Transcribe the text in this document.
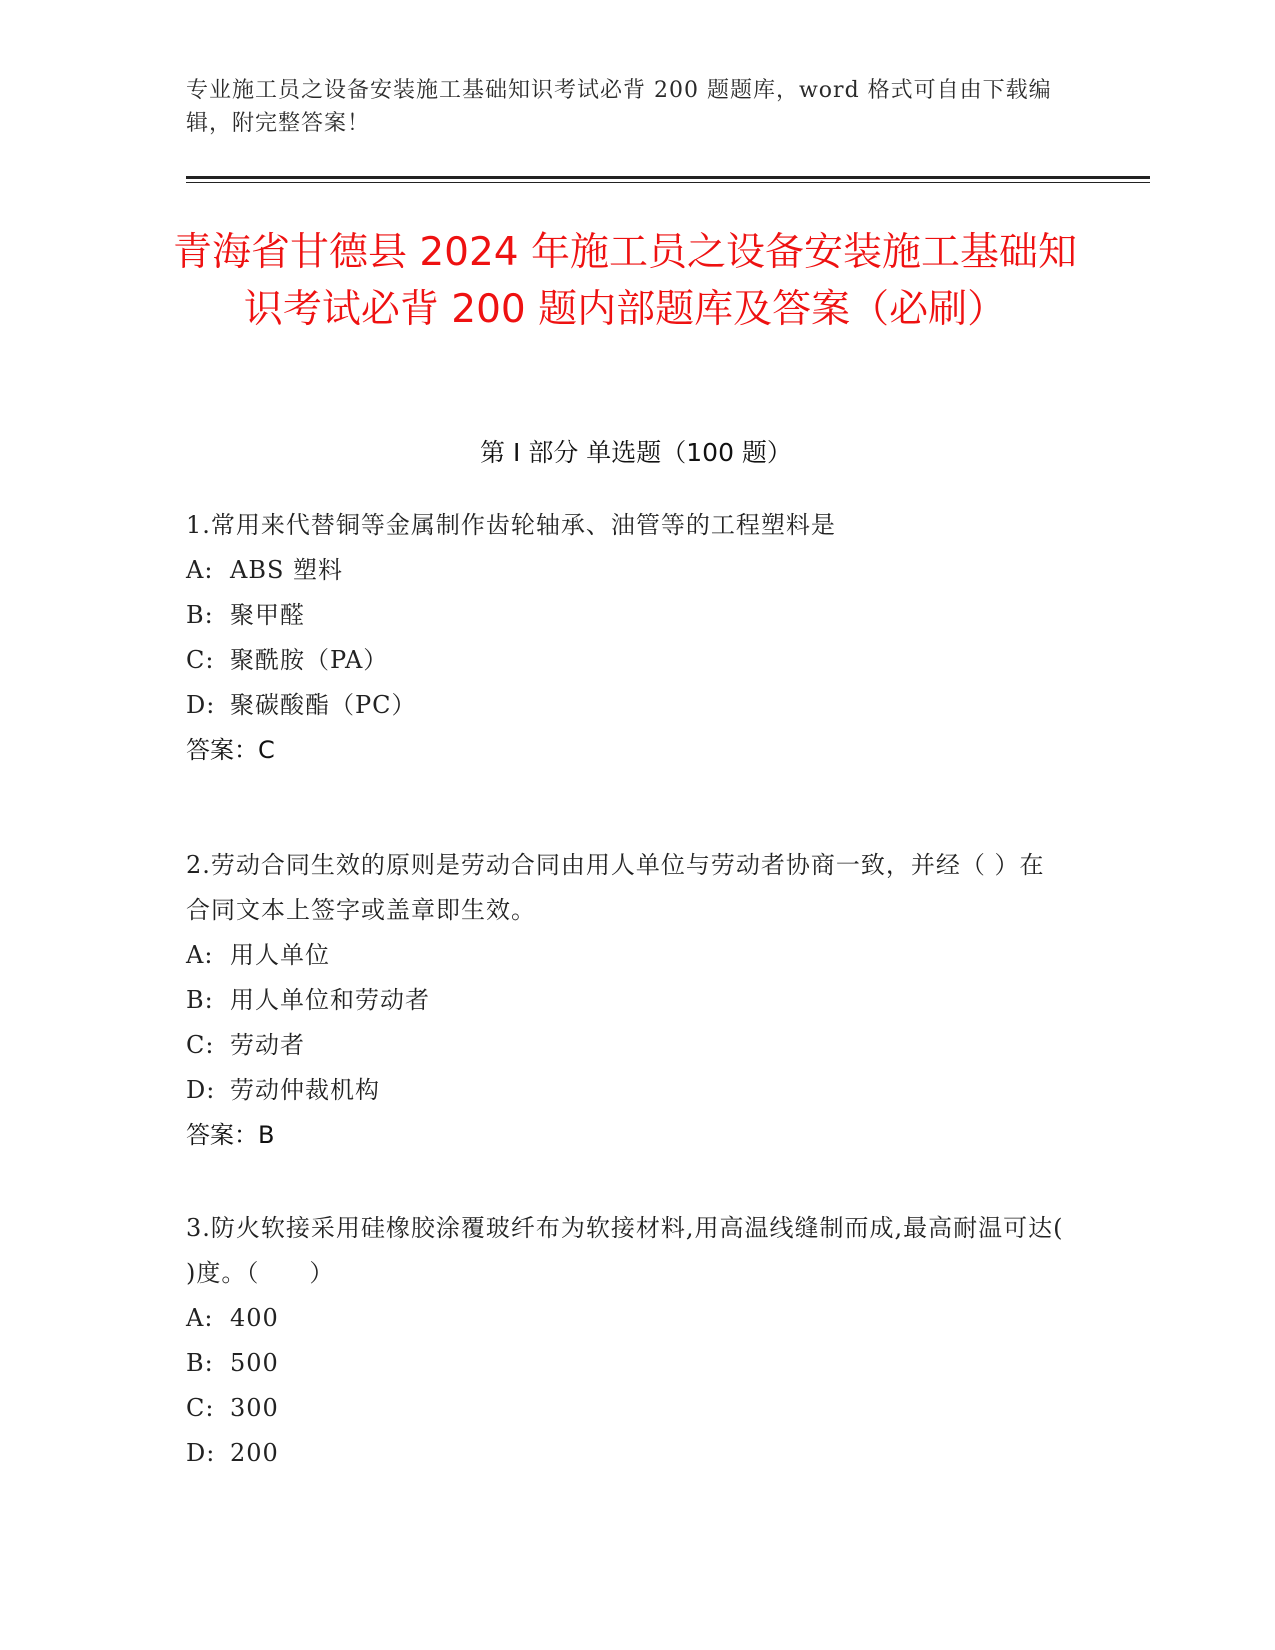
专业施工员之设备安装施工基础知识考试必背 200 题题库，word 格式可自由下载编辑，附完整答案！
青海省甘德县 2024 年施工员之设备安装施工基础知识考试必背 200 题内部题库及答案（必刷）
第 I 部分 单选题（100 题）

1.常用来代替铜等金属制作齿轮轴承、油管等的工程塑料是

A: ABS 塑料

B: 聚甲醛

C: 聚酰胺（PA）

D: 聚碳酸酯（PC）

答案：C

2.劳动合同生效的原则是劳动合同由用人单位与劳动者协商一致，并经（ ）在合同文本上签字或盖章即生效。

A: 用人单位

B: 用人单位和劳动者

C: 劳动者

D: 劳动仲裁机构

答案：B

3.防火软接采用硅橡胶涂覆玻纤布为软接材料,用高温线缝制而成,最高耐温可达( )度。（　　）

A: 400

B: 500

C: 300

D: 200
